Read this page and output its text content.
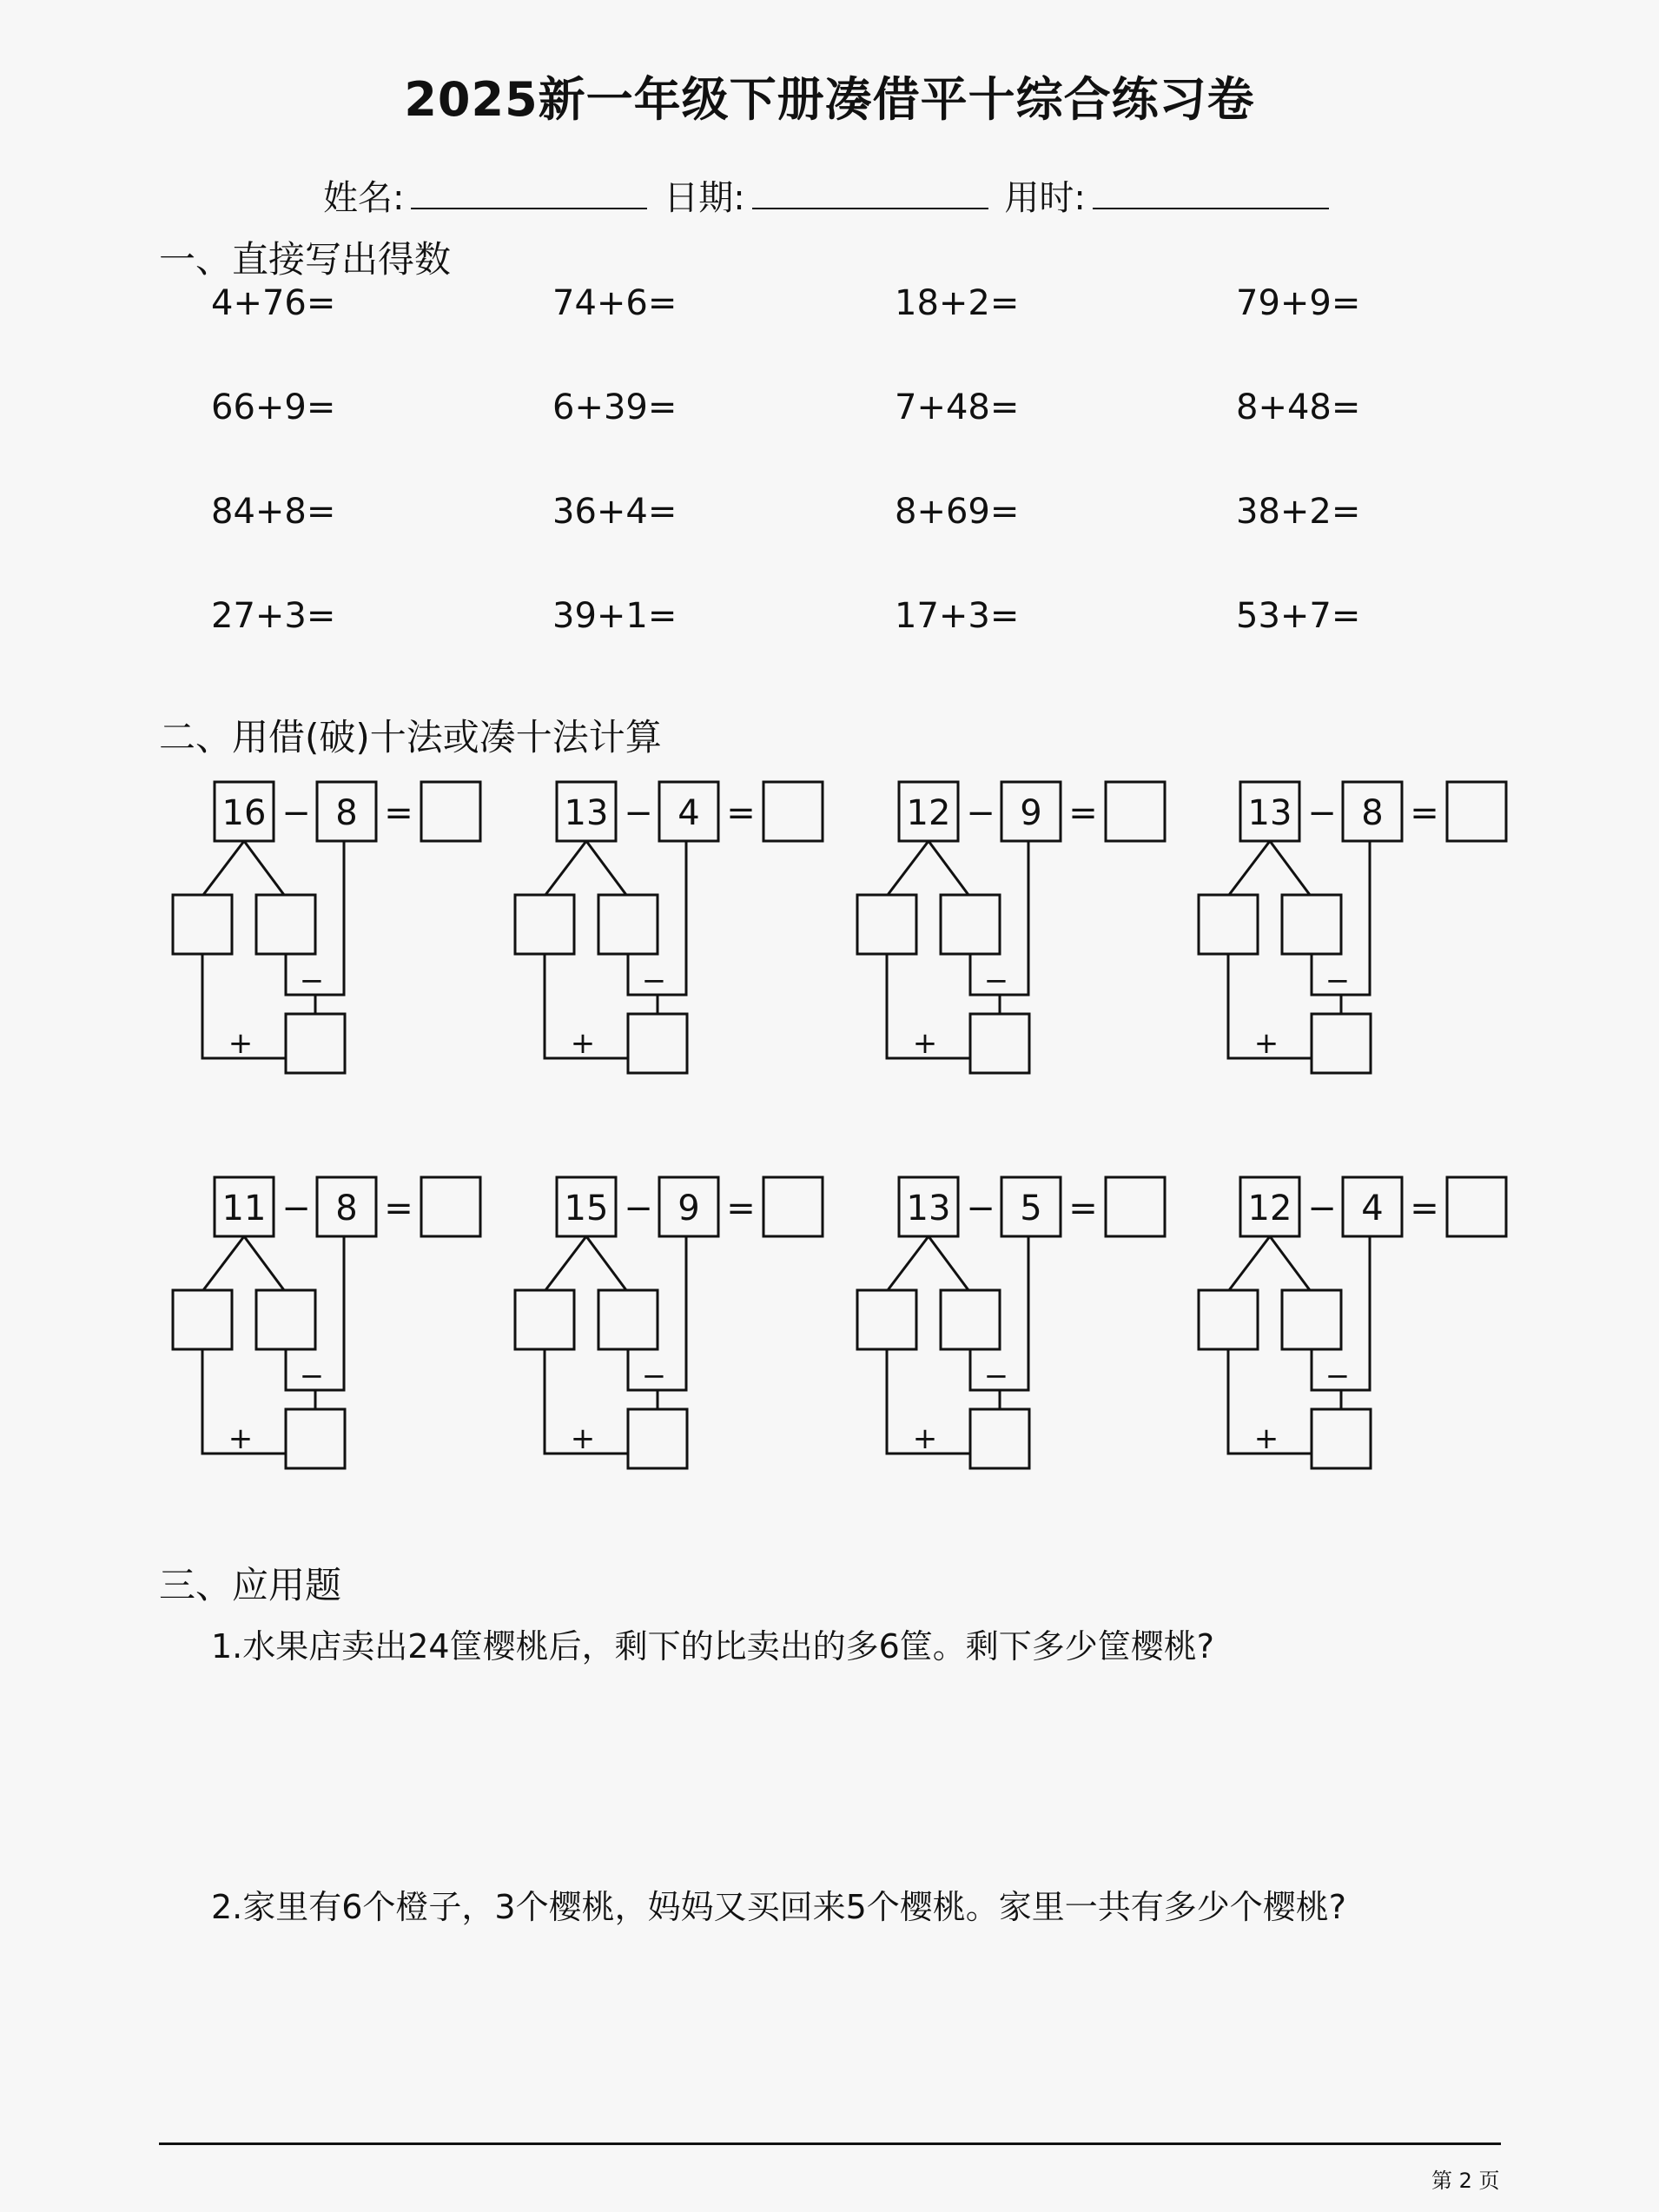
2025新一年级下册凑借平十综合练习卷
姓名:	日期:	用时:
一、直接写出得数
4+76=	74+6=	18+2=	79+9=
66+9=	6+39=	7+48=	8+48=
84+8=	36+4=	8+69=	38+2=
27+3=	39+1=	17+3=	53+7=
二、用借(破)十法或凑十法计算
16 − 8 =
−
+
13 − 4 =
−
+
12 − 9 =
−
+
13 − 8 =
−
+
11 − 8 =
−
+
15 − 9 =
−
+
13 − 5 =
−
+
12 − 4 =
−
+
三、应用题
1.水果店卖出24筐樱桃后，剩下的比卖出的多6筐。剩下多少筐樱桃?
2.家里有6个橙子，3个樱桃，妈妈又买回来5个樱桃。家里一共有多少个樱桃?
第 2 页
